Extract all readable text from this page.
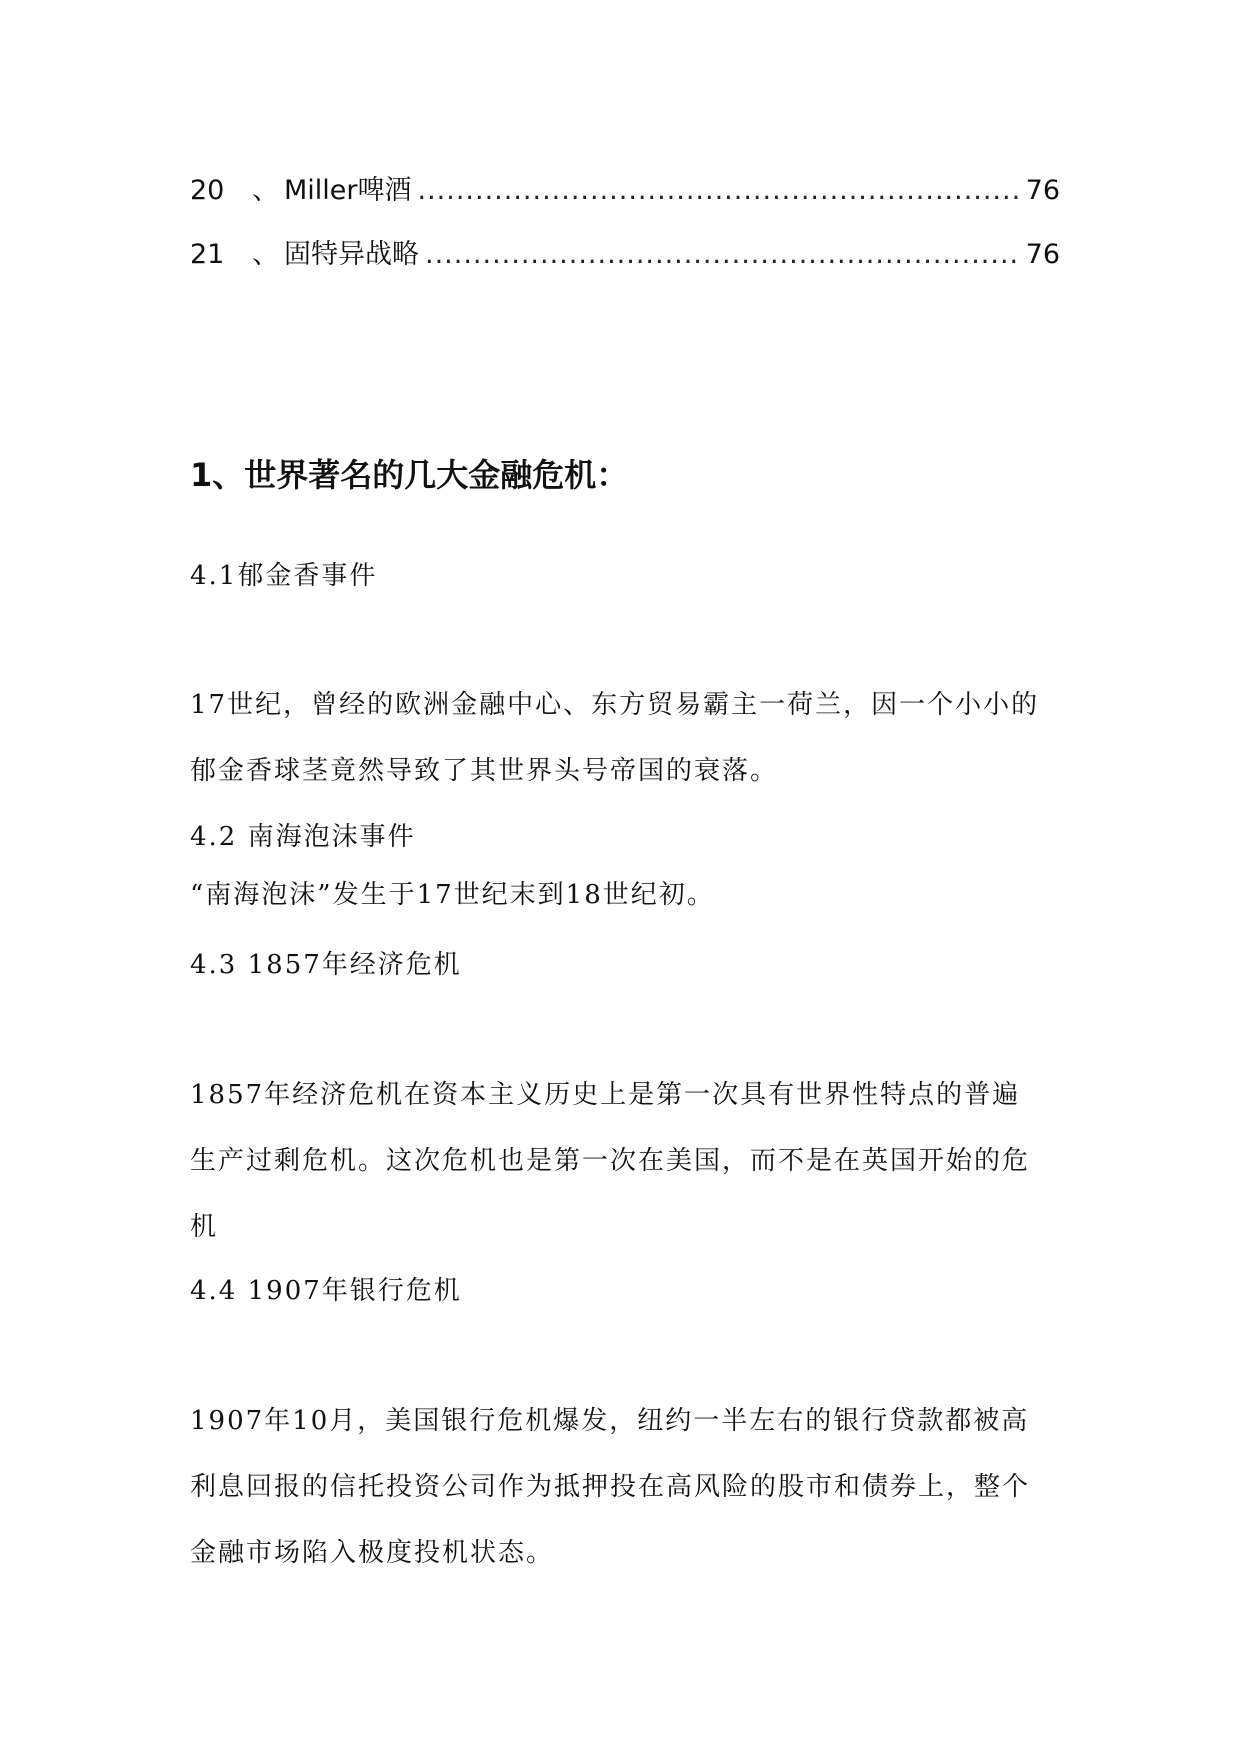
20	、 Miller啤酒 .....	76
21	、 固特异战略 .....	76
1、世界著名的几大金融危机：
4.1郁金香事件
17世纪，曾经的欧洲金融中心、东方贸易霸主一荷兰，因一个小小的郁金香球茎竟然导致了其世界头号帝国的衰落。
4.2 南海泡沫事件
“南海泡沫”发生于17世纪末到18世纪初。
4.3 1857年经济危机
1857年经济危机在资本主义历史上是第一次具有世界性特点的普遍生产过剩危机。这次危机也是第一次在美国，而不是在英国开始的危机
4.4 1907年银行危机
1907年10月，美国银行危机爆发，纽约一半左右的银行贷款都被高利息回报的信托投资公司作为抵押投在高风险的股市和债券上，整个金融市场陷入极度投机状态。
